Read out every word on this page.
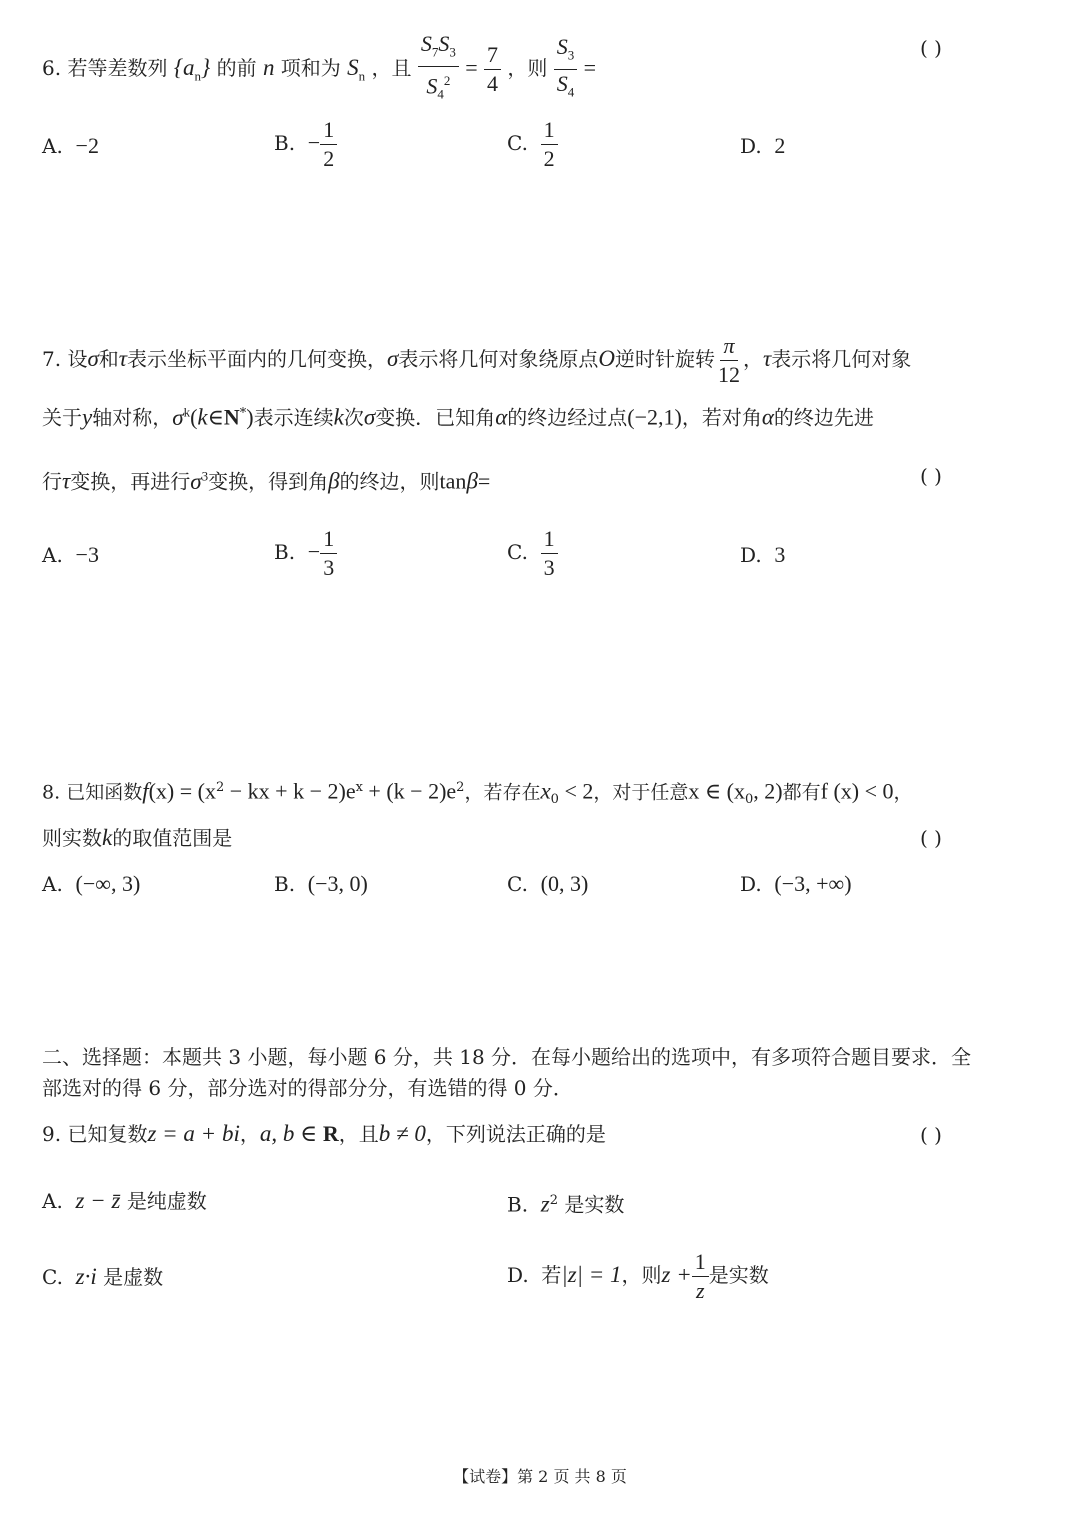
6. 若等差数列 $\{a_n\}$ 的前 n 项和为 $S_n$ ，且 $\frac{S_7S_3}{S_4^2} = \frac{7}{4}$ ，则 $\frac{S_3}{S_4}$ =
( )
A. −2	B. − $\frac{1}{2}$	C. $\frac{1}{2}$	D. 2
7. 设σ和τ表示坐标平面内的几何变换，σ表示将几何对象绕原点O逆时针旋转 $\frac{\pi}{12}$ ，τ表示将几何对象
关于y轴对称，$\sigma^k(k\in N^*)$表示连续k次σ变换．已知角α的终边经过点(−2,1)，若对角α的终边先进
行τ变换，再进行$\sigma^3$变换，得到角β的终边，则tanβ=	( )
A. −3	B. − $\frac{1}{3}$	C. $\frac{1}{3}$	D. 3
8. 已知函数$f(x) = (x^2$ − kx + $k - 2)e^x + (k - 2)e^2$，若存在$x_0 < 2$，对于任意x ∈ ($x_0$, 2)都有f (x) < 0，
则实数k的取值范围是	( )
A. (−∞, 3)	B. (−3, 0)	C. (0, 3)	D. (−3, +∞)
二、选择题：本题共 3 小题，每小题 6 分，共 18 分．在每小题给出的选项中，有多项符合题目要求．全
部选对的得 6 分，部分选对的得部分分，有选错的得 0 分．
9. 已知复数z = a + bi，a, b ∈ R，且b ≠ 0，下列说法正确的是	( )
A. z − z̄ 是纯虚数	B. $z^2$ 是实数
C. z·i 是虚数	D. 若|z| = 1，则$z + \frac{1}{z}$ 是实数
【试卷】第 2 页 共 8 页
